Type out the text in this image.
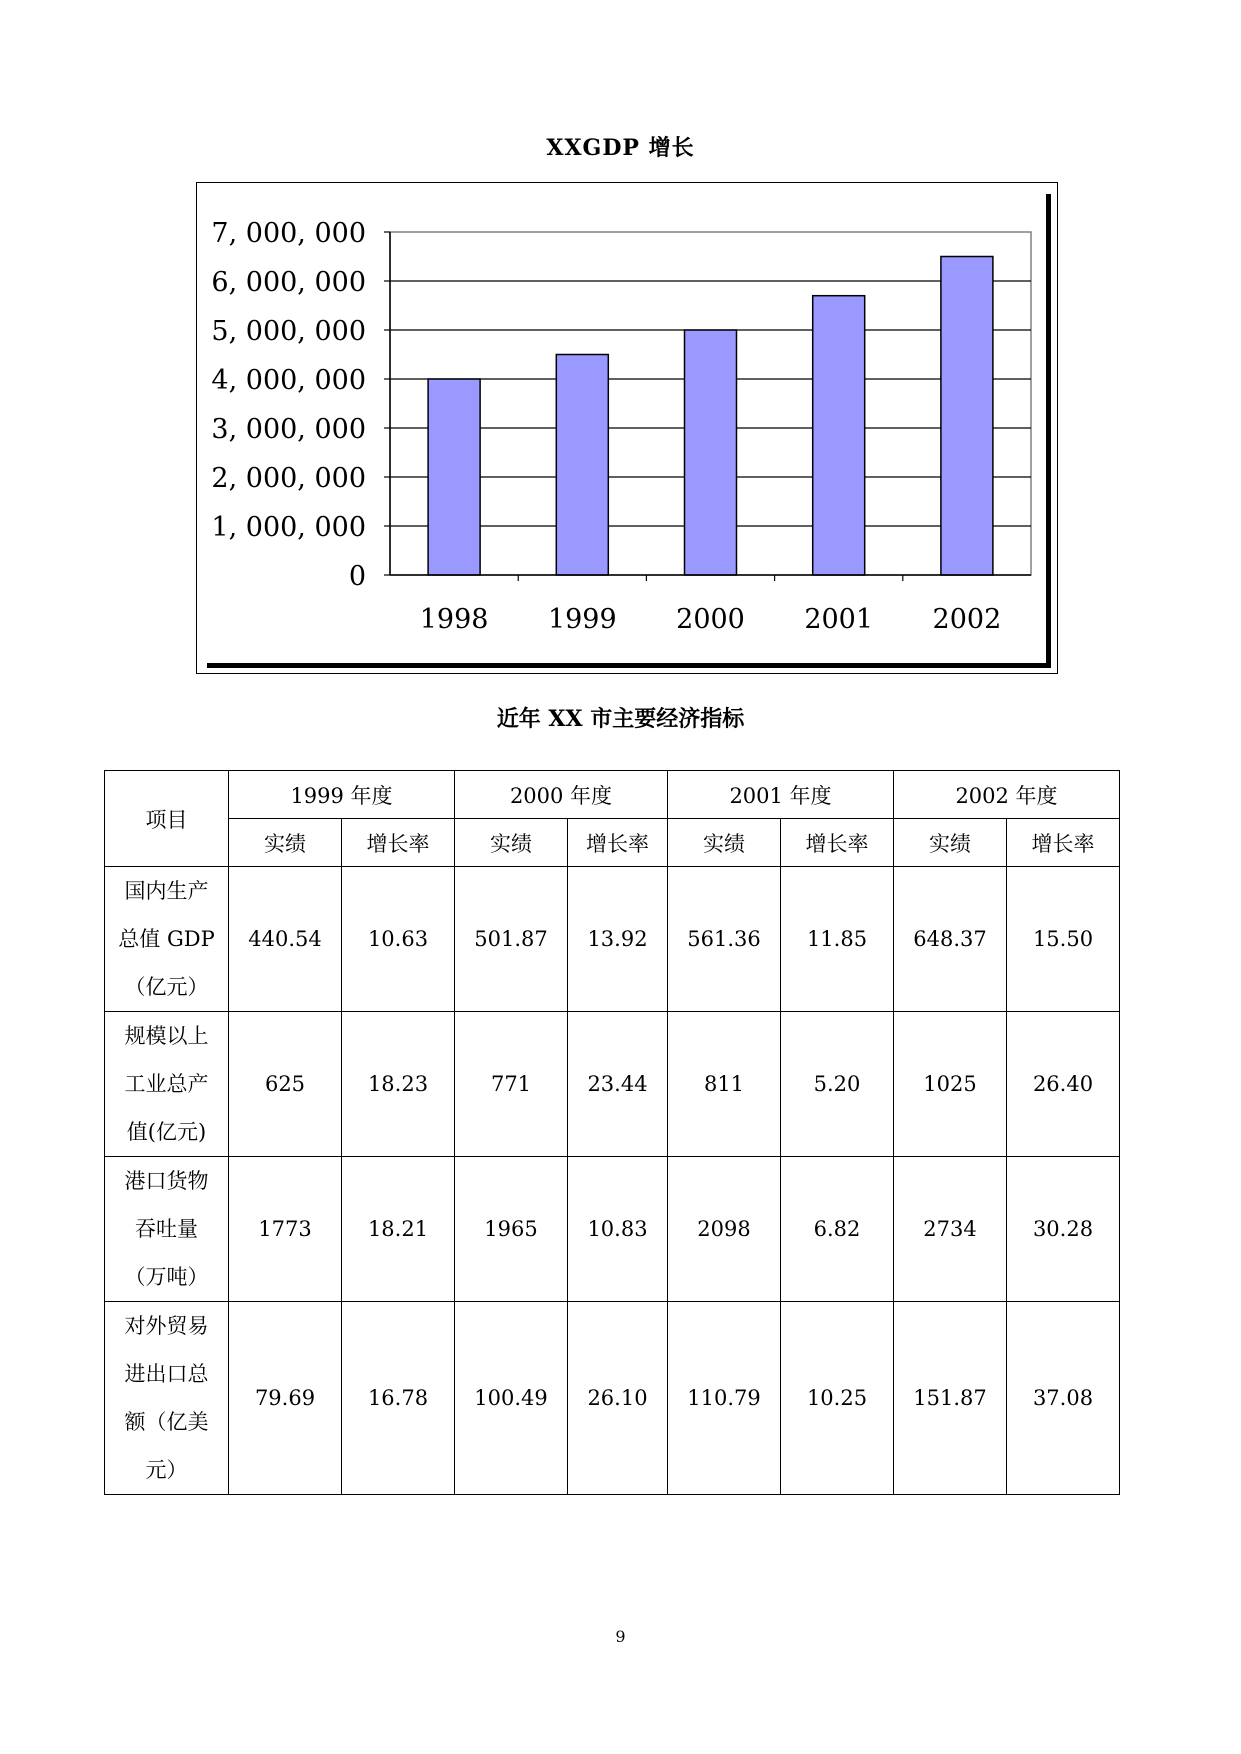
XXGDP 增长
0
1, 000, 000
2, 000, 000
3, 000, 000
4, 000, 000
5, 000, 000
6, 000, 000
7, 000, 000
1998 1999 2000 2001 2002
近年 XX 市主要经济指标
项目	1999 年度		2000 年度		2001 年度		2002 年度	
	实绩	增长率	实绩	增长率	实绩	增长率	实绩	增长率

国内生产
总值 GDP
（亿元）	440.54	10.63	501.87	13.92	561.36	11.85	648.37	15.50

规模以上
工业总产
值(亿元)	625	18.23	771	23.44	811	5.20	1025	26.40

港口货物
吞吐量
（万吨）	1773	18.21	1965	10.83	2098	6.82	2734	30.28

对外贸易
进出口总
额（亿美
元）	79.69	16.78	100.49	26.10	110.79	10.25	151.87	37.08
9
